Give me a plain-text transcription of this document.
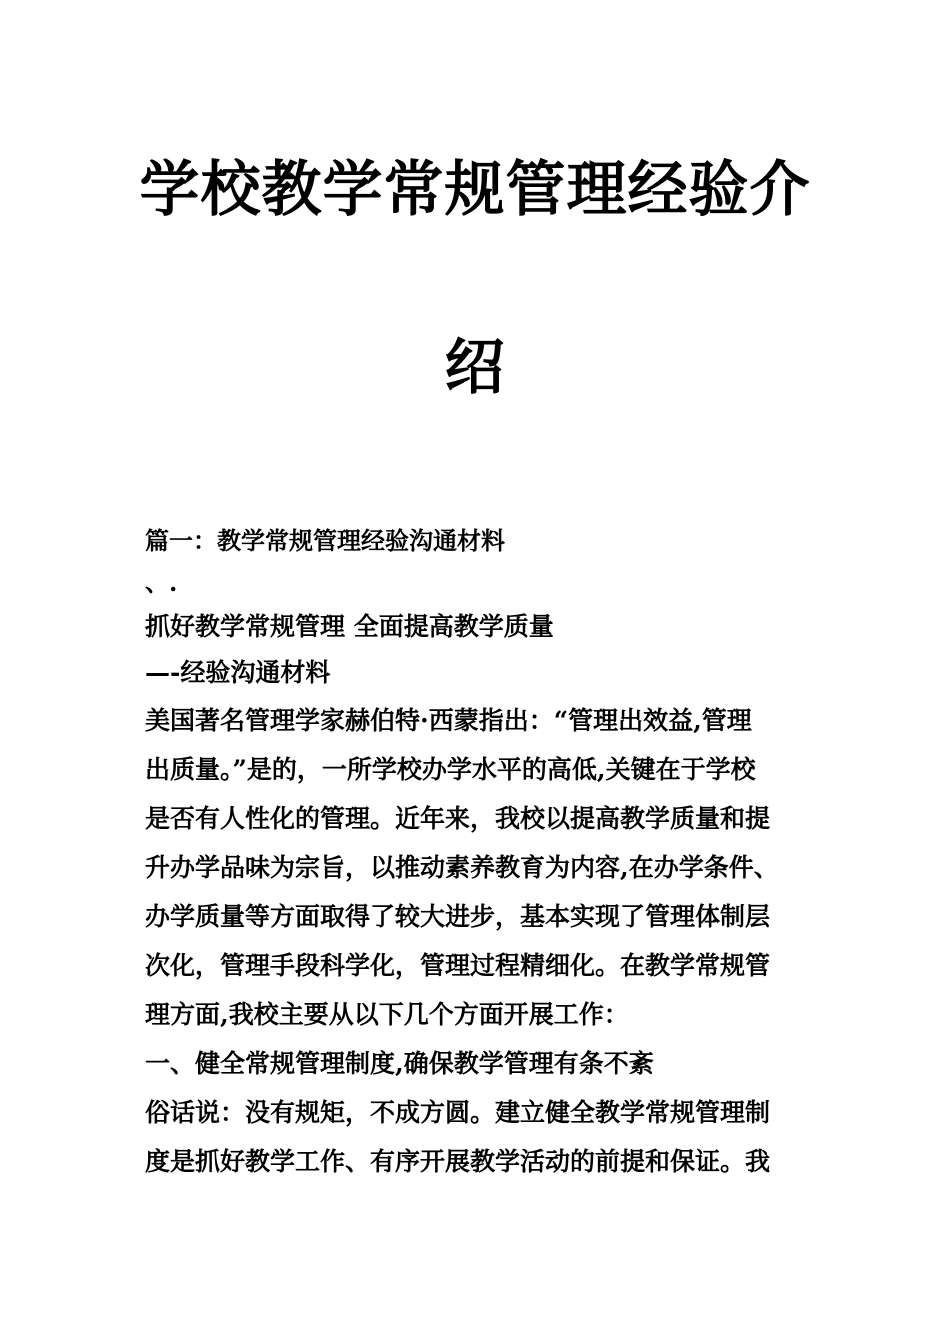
学校教学常规管理经验介
绍
篇一：教学常规管理经验沟通材料
、.
抓好教学常规管理 全面提高教学质量
—-经验沟通材料
美国著名管理学家赫伯特·西蒙指出：“管理出效益,管理
出质量。”是的，一所学校办学水平的高低,关键在于学校
是否有人性化的管理。近年来，我校以提高教学质量和提
升办学品味为宗旨，以推动素养教育为内容,在办学条件、
办学质量等方面取得了较大进步，基本实现了管理体制层
次化，管理手段科学化，管理过程精细化。在教学常规管
理方面,我校主要从以下几个方面开展工作：
一、健全常规管理制度,确保教学管理有条不紊
俗话说：没有规矩，不成方圆。建立健全教学常规管理制
度是抓好教学工作、有序开展教学活动的前提和保证。我
